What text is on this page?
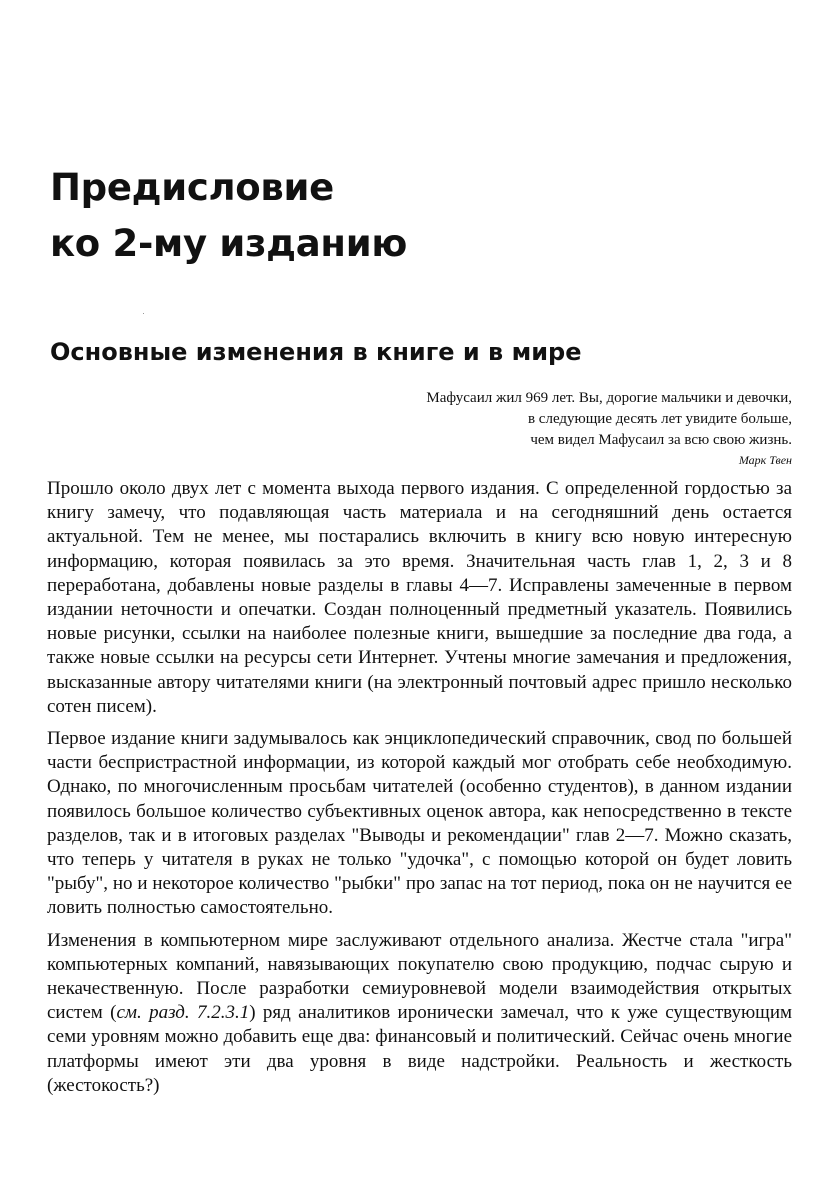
Предисловие
ко 2-му изданию
Основные изменения в книге и в мире
Мафусаил жил 969 лет. Вы, дорогие мальчики и девочки,
в следующие десять лет увидите больше,
чем видел Мафусаил за всю свою жизнь.
Марк Твен

Прошло около двух лет с момента выхода первого издания. С определенной гордостью за книгу замечу, что подавляющая часть материала и на сегодняшний день остается актуальной. Тем не менее, мы постарались включить в книгу всю новую интересную информацию, которая появилась за это время. Значительная часть глав 1, 2, 3 и 8 переработана, добавлены новые разделы в главы 4—7. Исправлены замеченные в первом издании неточности и опечатки. Создан полноценный предметный указатель. Появились новые рисунки, ссылки на наиболее полезные книги, вышедшие за последние два года, а также новые ссылки на ресурсы сети Интернет. Учтены многие замечания и предложения, высказанные автору читателями книги (на электронный почтовый адрес пришло несколько сотен писем).

Первое издание книги задумывалось как энциклопедический справочник, свод по большей части беспристрастной информации, из которой каждый мог отобрать себе необходимую. Однако, по многочисленным просьбам читателей (особенно студентов), в данном издании появилось большое количество субъективных оценок автора, как непосредственно в тексте разделов, так и в итоговых разделах "Выводы и рекомендации" глав 2—7. Можно сказать, что теперь у читателя в руках не только "удочка", с помощью которой он будет ловить "рыбу", но и некоторое количество "рыбки" про запас на тот период, пока он не научится ее ловить полностью самостоятельно.

Изменения в компьютерном мире заслуживают отдельного анализа. Жестче стала "игра" компьютерных компаний, навязывающих покупателю свою продукцию, подчас сырую и некачественную. После разработки семиуровневой модели взаимодействия открытых систем (см. разд. 7.2.3.1) ряд аналитиков иронически замечал, что к уже существующим семи уровням можно добавить еще два: финансовый и политический. Сейчас очень многие платформы имеют эти два уровня в виде надстройки. Реальность и жесткость (жестокость?)
